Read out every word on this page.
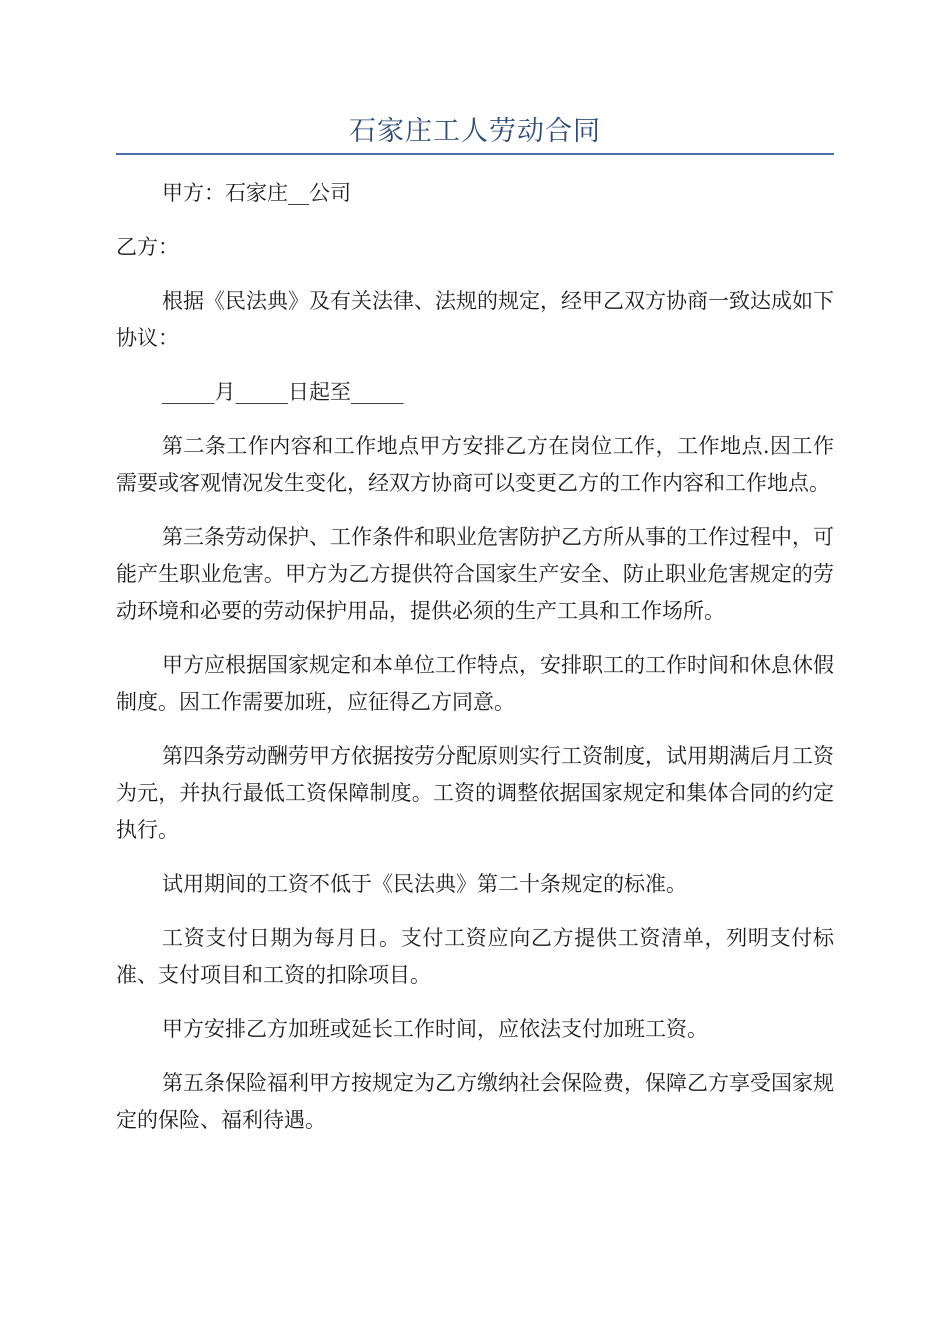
石家庄工人劳动合同

甲方：石家庄__公司

乙方：

根据《民法典》及有关法律、法规的规定，经甲乙双方协商一致达成如下协议：

_____月_____日起至_____

第二条工作内容和工作地点甲方安排乙方在岗位工作，工作地点.因工作需要或客观情况发生变化，经双方协商可以变更乙方的工作内容和工作地点。

第三条劳动保护、工作条件和职业危害防护乙方所从事的工作过程中，可能产生职业危害。甲方为乙方提供符合国家生产安全、防止职业危害规定的劳动环境和必要的劳动保护用品，提供必须的生产工具和工作场所。

甲方应根据国家规定和本单位工作特点，安排职工的工作时间和休息休假制度。因工作需要加班，应征得乙方同意。

第四条劳动酬劳甲方依据按劳分配原则实行工资制度，试用期满后月工资为元，并执行最低工资保障制度。工资的调整依据国家规定和集体合同的约定执行。

试用期间的工资不低于《民法典》第二十条规定的标准。

工资支付日期为每月日。支付工资应向乙方提供工资清单，列明支付标准、支付项目和工资的扣除项目。

甲方安排乙方加班或延长工作时间，应依法支付加班工资。

第五条保险福利甲方按规定为乙方缴纳社会保险费，保障乙方享受国家规定的保险、福利待遇。
